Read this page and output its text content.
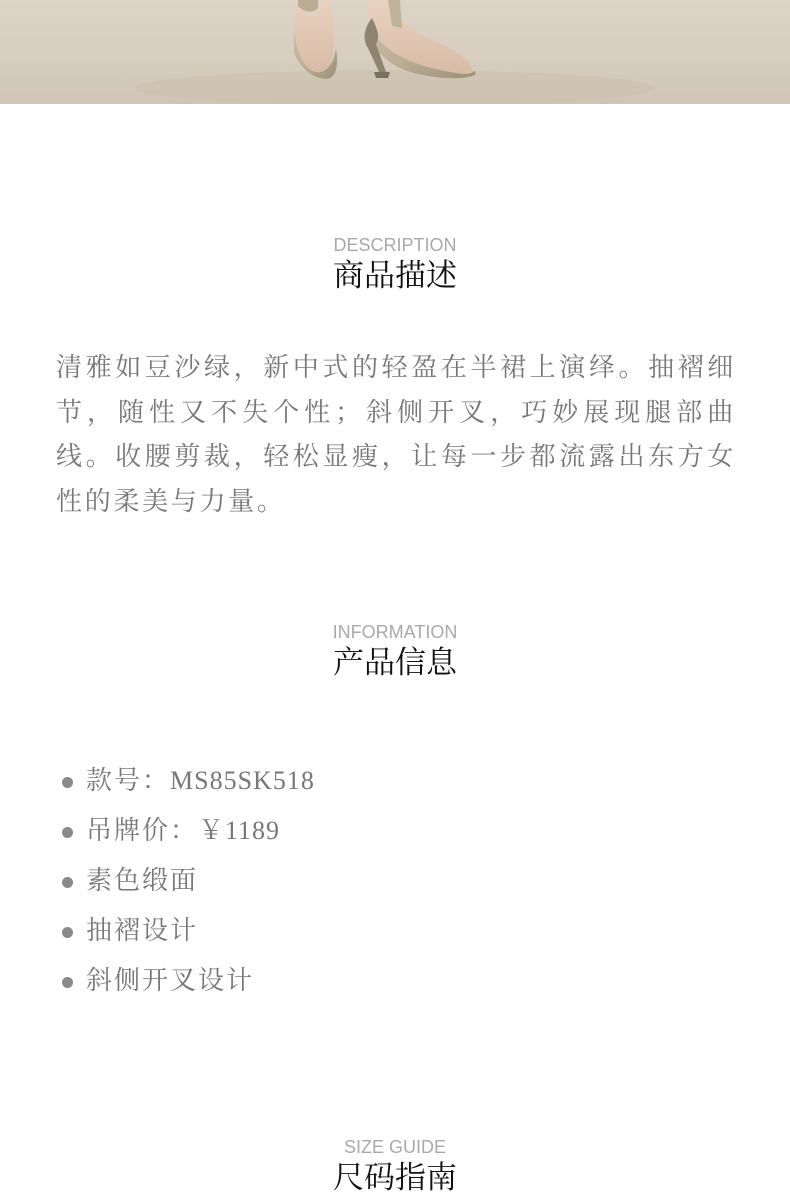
DESCRIPTION
商品描述

清雅如豆沙绿，新中式的轻盈在半裙上演绎。抽褶细节，随性又不失个性；斜侧开叉，巧妙展现腿部曲线。收腰剪裁，轻松显瘦，让每一步都流露出东方女性的柔美与力量。

INFORMATION
产品信息
款号：MS85SK518
吊牌价：￥1189
素色缎面
抽褶设计
斜侧开叉设计
SIZE GUIDE
尺码指南
